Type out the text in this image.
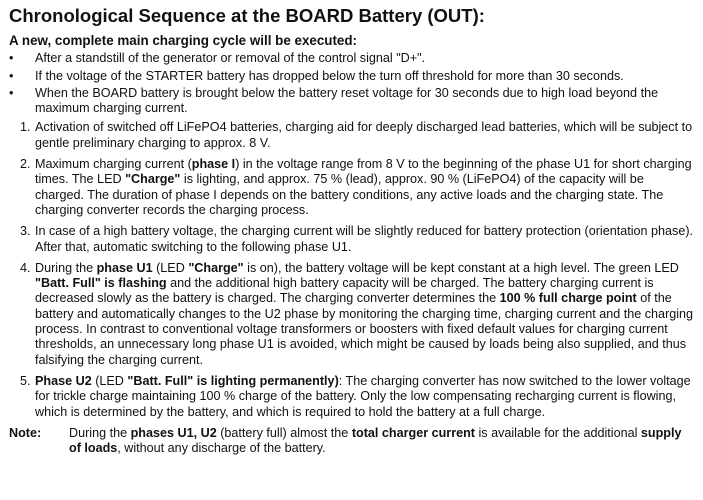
Chronological Sequence at the BOARD Battery (OUT):
A new, complete main charging cycle will be executed:
• After a standstill of the generator or removal of the control signal "D+".
• If the voltage of the STARTER battery has dropped below the turn off threshold for more than 30 seconds.
• When the BOARD battery is brought below the battery reset voltage for 30 seconds due to high load beyond the maximum charging current.
1. Activation of switched off LiFePO4 batteries, charging aid for deeply discharged lead batteries, which will be subject to gentle preliminary charging to approx. 8 V.
2. Maximum charging current (phase I) in the voltage range from 8 V to the beginning of the phase U1 for short charging times. The LED "Charge" is lighting, and approx. 75 % (lead), approx. 90 % (LiFePO4) of the capacity will be charged. The duration of phase I depends on the battery conditions, any active loads and the charging state. The charging converter records the charging process.
3. In case of a high battery voltage, the charging current will be slightly reduced for battery protection (orientation phase). After that, automatic switching to the following phase U1.
4. During the phase U1 (LED "Charge" is on), the battery voltage will be kept constant at a high level. The green LED "Batt. Full" is flashing and the additional high battery capacity will be charged. The battery charging current is decreased slowly as the battery is charged. The charging converter determines the 100 % full charge point of the battery and automatically changes to the U2 phase by monitoring the charging time, charging current and the charging process. In contrast to conventional voltage transformers or boosters with fixed default values for charging current thresholds, an unnecessary long phase U1 is avoided, which might be caused by loads being also supplied, and thus falsifying the charging current.
5. Phase U2 (LED "Batt. Full" is lighting permanently): The charging converter has now switched to the lower voltage for trickle charge maintaining 100 % charge of the battery. Only the low compensating recharging current is flowing, which is determined by the battery, and which is required to hold the battery at a full charge.
Note:	During the phases U1, U2 (battery full) almost the total charger current is available for the additional supply of loads, without any discharge of the battery.
